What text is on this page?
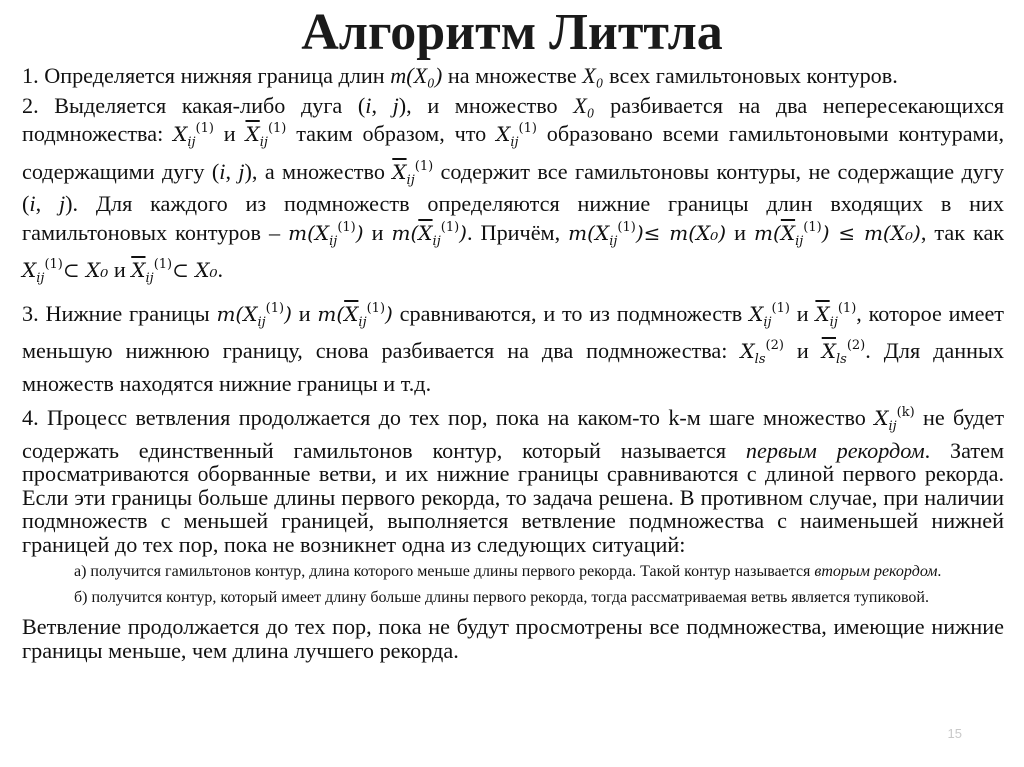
Алгоритм Литтла

1. Определяется нижняя граница длин m(X₀) на множестве X₀ всех гамильтоновых контуров.

2. Выделяется какая-либо дуга (i, j), и множество X₀ разбивается на два непересекающихся подмножества: $X_{ij}^{(1)}$ и $\overline{X}_{ij}^{(1)}$ таким образом, что $X_{ij}^{(1)}$ образовано всеми гамильтоновыми контурами, содержащими дугу (i, j), а множество $\overline{X}_{ij}^{(1)}$ содержит все гамильтоновы контуры, не содержащие дугу (i, j). Для каждого из подмножеств определяются нижние границы длин входящих в них гамильтоновых контуров – $m(X_{ij}^{(1)})$ и $m(\overline{X}_{ij}^{(1)})$. Причём, $m(X_{ij}^{(1)})\le m(X_0)$ и $m(\overline{X}_{ij}^{(1)}) \le m(X_0)$, так как $X_{ij}^{(1)}\subset$ X₀ и $\overline{X}_{ij}^{(1)}\subset$ X₀.

3. Нижние границы $m(X_{ij}^{(1)})$ и $m(\overline{X}_{ij}^{(1)})$ сравниваются, и то из подмножеств $X_{ij}^{(1)}$ и $\overline{X}_{ij}^{(1)}$, которое имеет меньшую нижнюю границу, снова разбивается на два подмножества: $X_{ls}^{(2)}$ и $\overline{X}_{ls}^{(2)}$. Для данных множеств находятся нижние границы и т.д.

4. Процесс ветвления продолжается до тех пор, пока на каком-то k-м шаге множество $X_{ij}^{(k)}$ не будет содержать единственный гамильтонов контур, который называется первым рекордом. Затем просматриваются оборванные ветви, и их нижние границы сравниваются с длиной первого рекорда. Если эти границы больше длины первого рекорда, то задача решена. В противном случае, при наличии подмножеств с меньшей границей, выполняется ветвление подмножества с наименьшей нижней границей до тех пор, пока не возникнет одна из следующих ситуаций:

а) получится гамильтонов контур, длина которого меньше длины первого рекорда. Такой контур называется вторым рекордом.

б) получится контур, который имеет длину больше длины первого рекорда, тогда рассматриваемая ветвь является тупиковой.

Ветвление продолжается до тех пор, пока не будут просмотрены все подмножества, имеющие нижние границы меньше, чем длина лучшего рекорда.

15
